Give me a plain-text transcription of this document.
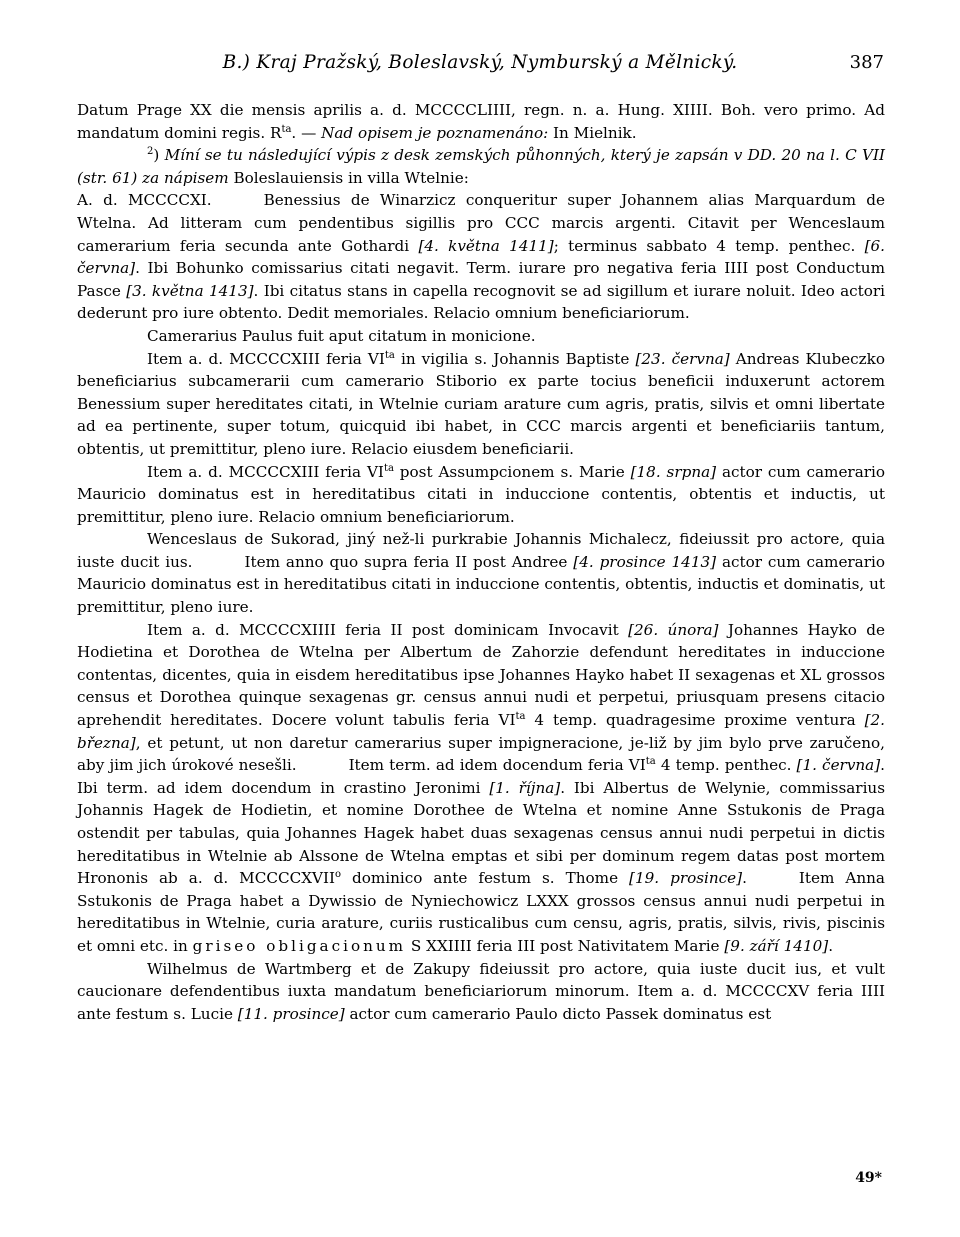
B.) Kraj Pražský, Boleslavský, Nymburský a Mělnický.	387

Datum Prage XX die mensis aprilis a. d. MCCCCLIIII, regn. n. a. Hung. XIIII. Boh. vero primo. Ad mandatum domini regis. $R^{ta}$. — Nad opisem je poznamenáno: In Mielnik.

$^2$) Míní se tu následující výpis z desk zemských půhonných, který je zapsán v DD. 20 na l. C VII (str. 61) za nápisem Boleslauiensis in villa Wtelnie:

A. d. MCCCCXI.	Benessius de Winarzicz conqueritur super Johannem alias Marquardum de Wtelna. Ad litteram cum pendentibus sigillis pro CCC marcis argenti. Citavit per Wenceslaum camerarium feria secunda ante Gothardi [4. května 1411]; terminus sabbato 4 temp. penthec. [6. června]. Ibi Bohunko comissarius citati negavit. Term. iurare pro negativa feria IIII post Conductum Pasce [3. května 1413]. Ibi citatus stans in capella recognovit se ad sigillum et iurare noluit. Ideo actori dederunt pro iure obtento. Dedit memoriales. Relacio omnium beneficiariorum.

Camerarius Paulus fuit aput citatum in monicione.

Item a. d. MCCCCXIII feria $VI^{ta}$ in vigilia s. Johannis Baptiste [23. června] Andreas Klubeczko beneficiarius subcamerarii cum camerario Stiborio ex parte tocius beneficii induxerunt actorem Benessium super hereditates citati, in Wtelnie curiam arature cum agris, pratis, silvis et omni libertate ad ea pertinente, super totum, quicquid ibi habet, in CCC marcis argenti et beneficiariis tantum, obtentis, ut premittitur, pleno iure. Relacio eiusdem beneficiarii.

Item a. d. MCCCCXIII feria $VI^{ta}$ post Assumpcionem s. Marie [18. srpna] actor cum camerario Mauricio dominatus est in hereditatibus citati in induccione contentis, obtentis et inductis, ut premittitur, pleno iure. Relacio omnium beneficiariorum.

Wenceslaus de Sukorad, jiný než-li purkrabie Johannis Michalecz, fideiussit pro actore, quia iuste ducit ius.	Item anno quo supra feria II post Andree [4. prosince 1413] actor cum camerario Mauricio dominatus est in hereditatibus citati in induccione contentis, obtentis, inductis et dominatis, ut premittitur, pleno iure.

Item a. d. MCCCCXIIII feria II post dominicam Invocavit [26. února] Johannes Hayko de Hodietina et Dorothea de Wtelna per Albertum de Zahorzie defendunt hereditates in induccione contentas, dicentes, quia in eisdem hereditatibus ipse Johannes Hayko habet II sexagenas et XL grossos census et Dorothea quinque sexagenas gr. census annui nudi et perpetui, priusquam presens citacio aprehendit hereditates. Docere volunt tabulis feria $VI^{ta}$ 4 temp. quadragesime proxime ventura [2. března], et petunt, ut non daretur camerarius super impigneracione, je-liž by jim bylo prve zaručeno, aby jim jich úrokové nesešli.	Item term. ad idem docendum feria $VI^{ta}$ 4 temp. penthec. [1. června]. Ibi term. ad idem docendum in crastino Jeronimi [1. října]. Ibi Albertus de Welynie, commissarius Johannis Hagek de Hodietin, et nomine Dorothee de Wtelna et nomine Anne Sstukonis de Praga ostendit per tabulas, quia Johannes Hagek habet duas sexagenas census annui nudi perpetui in dictis hereditatibus in Wtelnie ab Alssone de Wtelna emptas et sibi per dominum regem datas post mortem Hrononis ab a. d. MCCCCXVII$^o$ dominico ante festum s. Thome [19. prosince].	Item Anna Sstukonis de Praga habet a Dywissio de Nyniechowicz LXXX grossos census annui nudi perpetui in hereditatibus in Wtelnie, curia arature, curiis rusticalibus cum censu, agris, pratis, silvis, rivis, piscinis et omni etc. in griseo obligacionum S XXIIII feria III post Nativitatem Marie [9. září 1410].

Wilhelmus de Wartmberg et de Zakupy fideiussit pro actore, quia iuste ducit ius, et vult caucionare defendentibus iuxta mandatum beneficiariorum minorum. Item a. d. MCCCCXV feria IIII ante festum s. Lucie [11. prosince] actor cum camerario Paulo dicto Passek dominatus est

49*
